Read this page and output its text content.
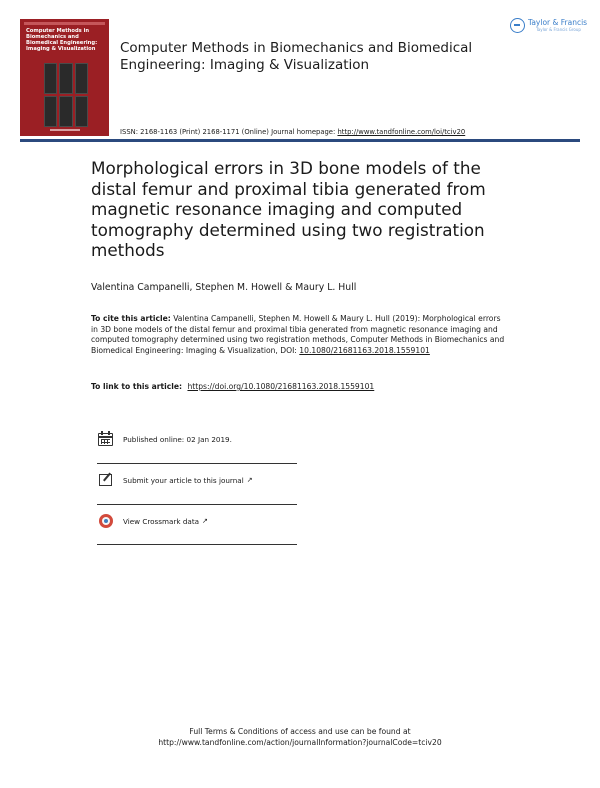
Computer Methods in Biomechanics and Biomedical Engineering: Imaging & Visualization	Computer Methods in Biomechanics and Biomedical Engineering: Imaging & Visualization
Taylor & Francis
Taylor & Francis Group
ISSN: 2168-1163 (Print) 2168-1171 (Online) Journal homepage: http://www.tandfonline.com/loi/tciv20
Morphological errors in 3D bone models of the distal femur and proximal tibia generated from magnetic resonance imaging and computed tomography determined using two registration methods
Valentina Campanelli, Stephen M. Howell & Maury L. Hull
To cite this article: Valentina Campanelli, Stephen M. Howell & Maury L. Hull (2019): Morphological errors in 3D bone models of the distal femur and proximal tibia generated from magnetic resonance imaging and computed tomography determined using two registration methods, Computer Methods in Biomechanics and Biomedical Engineering: Imaging & Visualization, DOI: 10.1080/21681163.2018.1559101
To link to this article: https://doi.org/10.1080/21681163.2018.1559101
Published online: 02 Jan 2019.
Submit your article to this journal ↗
View Crossmark data ↗
Full Terms & Conditions of access and use can be found at
http://www.tandfonline.com/action/journalInformation?journalCode=tciv20
